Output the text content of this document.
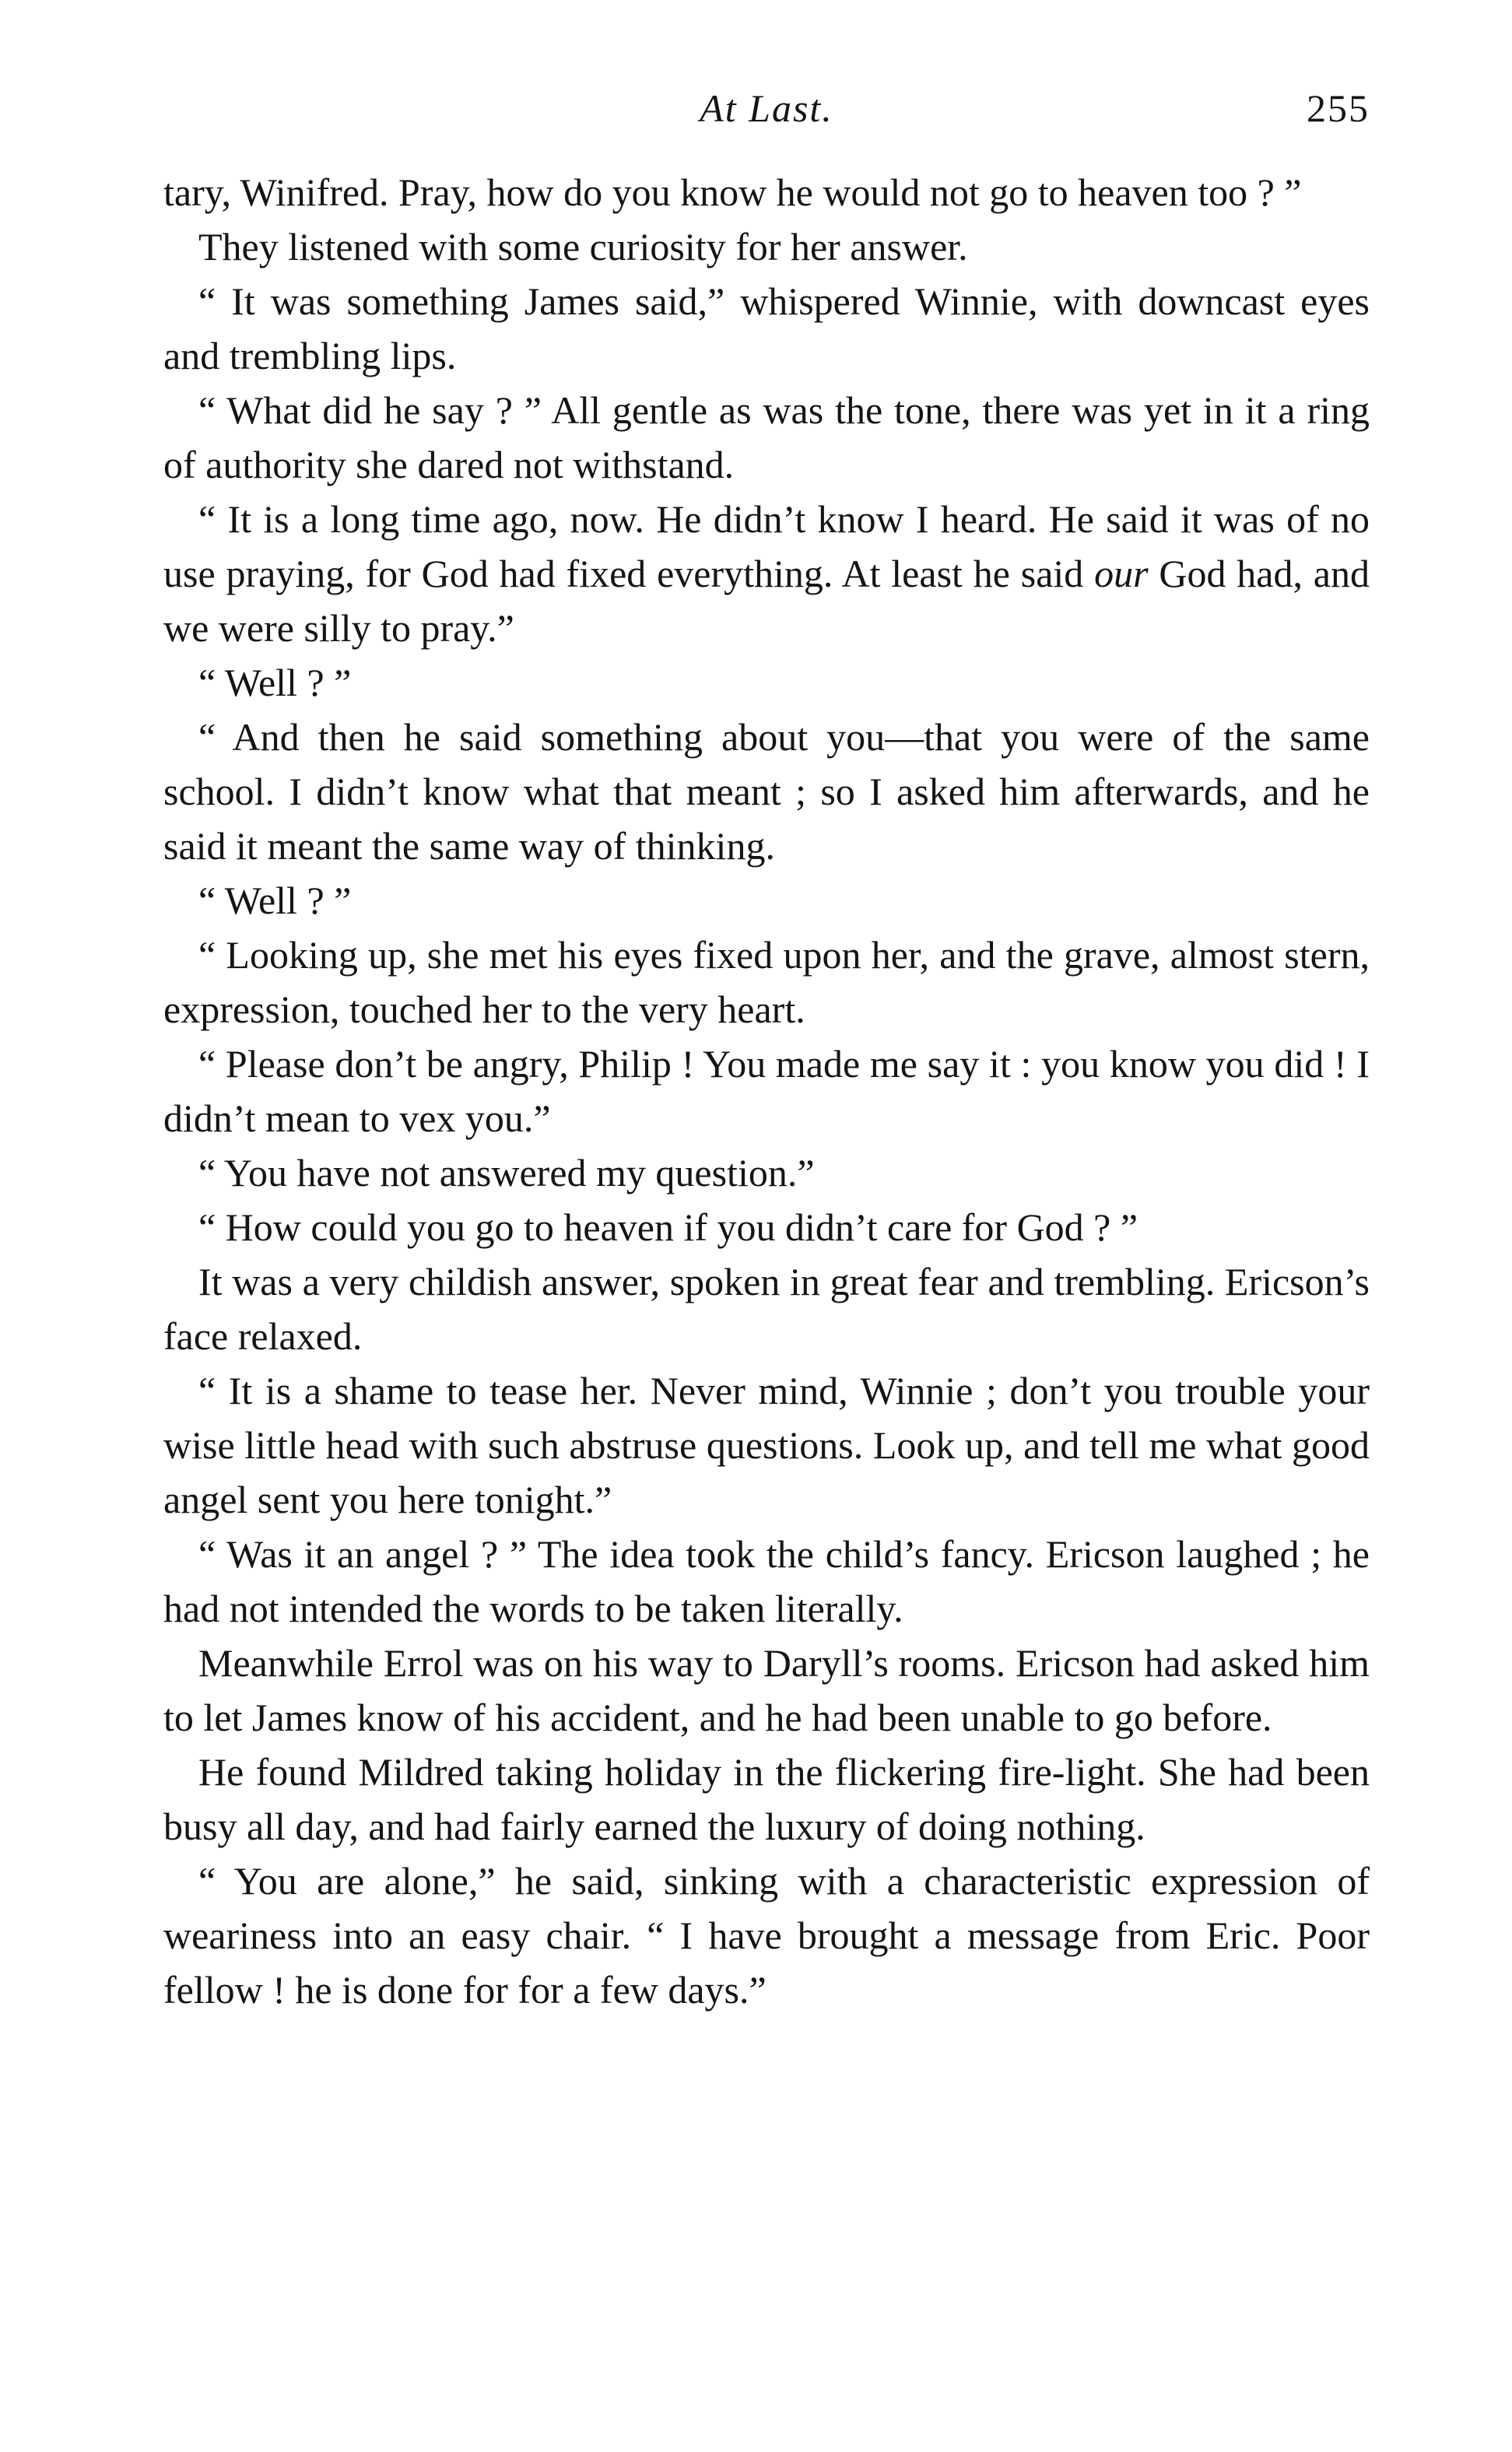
At Last.	255

tary, Winifred. Pray, how do you know he would not go to heaven too ? ”

They listened with some curiosity for her answer.

“ It was something James said,” whispered Winnie, with downcast eyes and trembling lips.

“ What did he say ? ” All gentle as was the tone, there was yet in it a ring of authority she dared not withstand.

“ It is a long time ago, now. He didn’t know I heard. He said it was of no use praying, for God had fixed everything. At least he said our God had, and we were silly to pray.”

“ Well ? ”

“ And then he said something about you—that you were of the same school. I didn’t know what that meant ; so I asked him afterwards, and he said it meant the same way of thinking.

“ Well ? ”

“ Looking up, she met his eyes fixed upon her, and the grave, almost stern, expression, touched her to the very heart.

“ Please don’t be angry, Philip ! You made me say it : you know you did ! I didn’t mean to vex you.”

“ You have not answered my question.”

“ How could you go to heaven if you didn’t care for God ? ”

It was a very childish answer, spoken in great fear and trembling. Ericson’s face relaxed.

“ It is a shame to tease her. Never mind, Winnie ; don’t you trouble your wise little head with such abstruse questions. Look up, and tell me what good angel sent you here tonight.”

“ Was it an angel ? ” The idea took the child’s fancy. Ericson laughed ; he had not intended the words to be taken literally.

Meanwhile Errol was on his way to Daryll’s rooms. Ericson had asked him to let James know of his accident, and he had been unable to go before.

He found Mildred taking holiday in the flickering fire-light. She had been busy all day, and had fairly earned the luxury of doing nothing.

“ You are alone,” he said, sinking with a characteristic expression of weariness into an easy chair. “ I have brought a message from Eric. Poor fellow ! he is done for for a few days.”
